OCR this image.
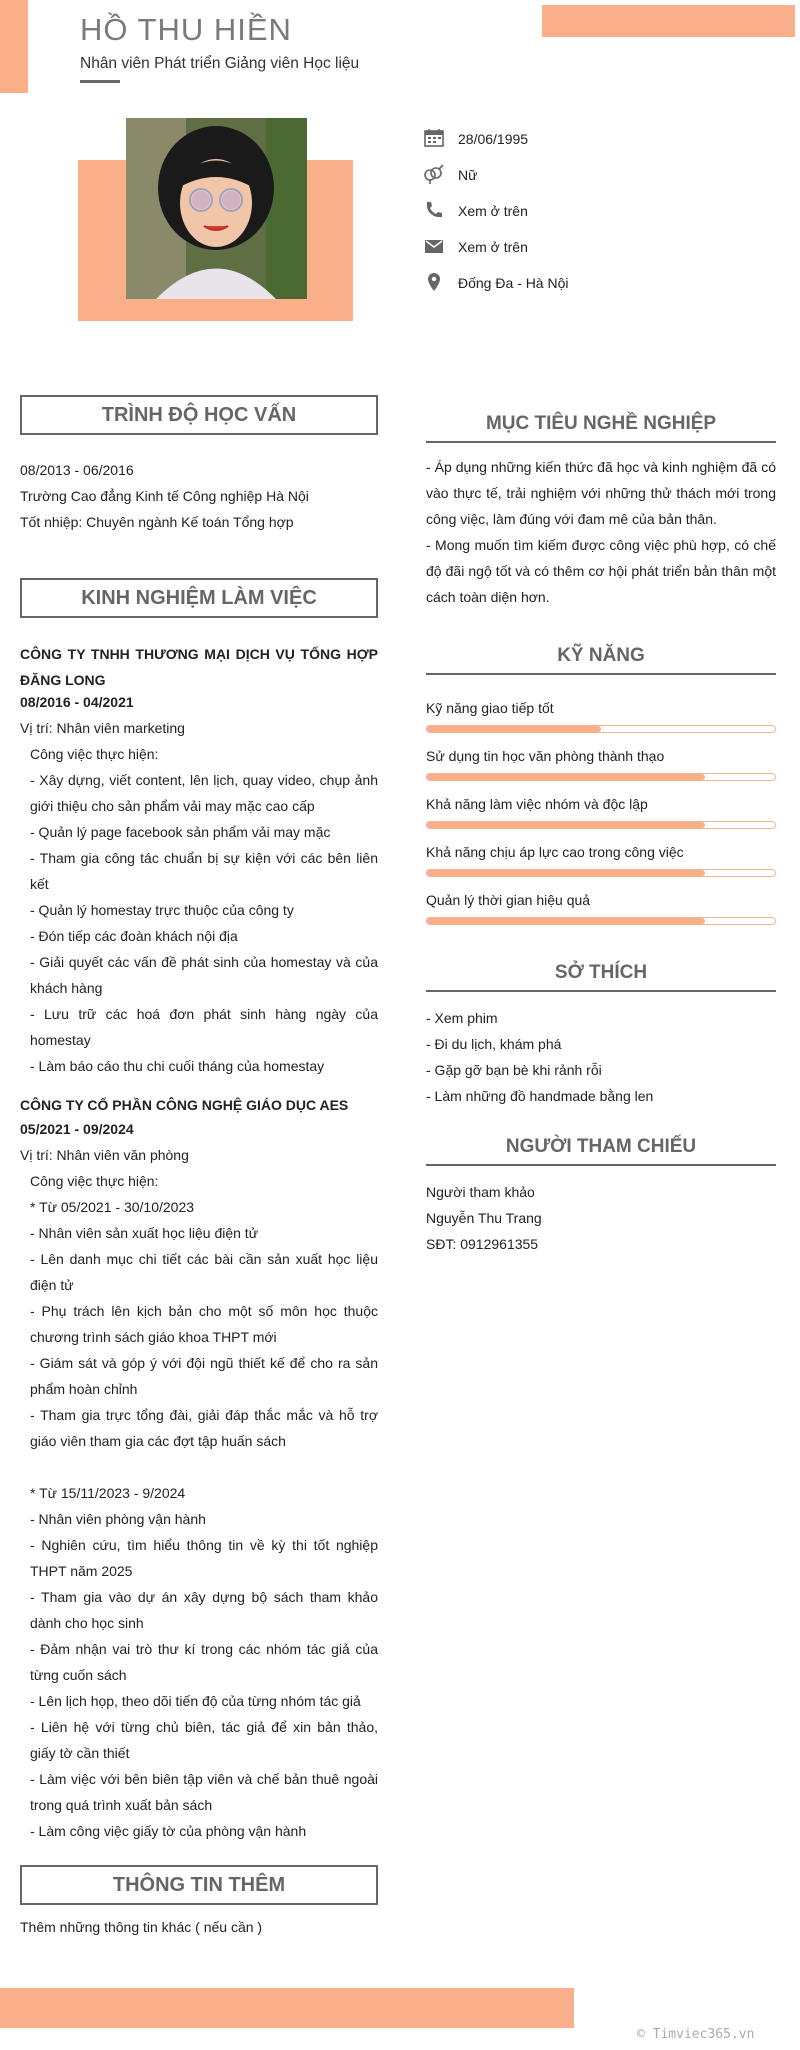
HỒ THU HIỀN
Nhân viên Phát triển Giảng viên Học liệu
28/06/1995
Nữ
Xem ở trên
Xem ở trên
Đống Đa - Hà Nội
TRÌNH ĐỘ HỌC VẤN
08/2013 - 06/2016
Trường Cao đẳng Kinh tế Công nghiệp Hà Nội
Tốt nhiệp: Chuyên ngành Kế toán Tổng hợp
KINH NGHIỆM LÀM VIỆC
CÔNG TY TNHH THƯƠNG MẠI DỊCH VỤ TỔNG HỢP ĐĂNG LONG
08/2016 - 04/2021
Vị trí: Nhân viên marketing
Công việc thực hiện:
- Xây dựng, viết content, lên lịch, quay video, chụp ảnh giới thiệu cho sản phẩm vải may mặc cao cấp
- Quản lý page facebook sản phẩm vải may mặc
- Tham gia công tác chuẩn bị sự kiện với các bên liên kết
- Quản lý homestay trực thuộc của công ty
- Đón tiếp các đoàn khách nội địa
- Giải quyết các vấn đề phát sinh của homestay và của khách hàng
- Lưu trữ các hoá đơn phát sinh hàng ngày của homestay
- Làm báo cáo thu chi cuối tháng của homestay
CÔNG TY CỔ PHẦN CÔNG NGHỆ GIÁO DỤC AES
05/2021 - 09/2024
Vị trí: Nhân viên văn phòng
Công việc thực hiện:
* Từ 05/2021 - 30/10/2023
- Nhân viên sản xuất học liệu điện tử
- Lên danh mục chi tiết các bài cần sản xuất học liệu điện tử
- Phụ trách lên kịch bản cho một số môn học thuộc chương trình sách giáo khoa THPT mới
- Giám sát và góp ý với đội ngũ thiết kế để cho ra sản phẩm hoàn chỉnh
- Tham gia trực tổng đài, giải đáp thắc mắc và hỗ trợ giáo viên tham gia các đợt tập huấn sách
* Từ 15/11/2023 - 9/2024
- Nhân viên phòng vận hành
- Nghiên cứu, tìm hiểu thông tin về kỳ thi tốt nghiệp THPT năm 2025
- Tham gia vào dự án xây dựng bộ sách tham khảo dành cho học sinh
- Đảm nhận vai trò thư kí trong các nhóm tác giả của từng cuốn sách
- Lên lịch họp, theo dõi tiến độ của từng nhóm tác giả
- Liên hệ với từng chủ biên, tác giả để xin bản thảo, giấy tờ cần thiết
- Làm việc với bên biên tập viên và chế bản thuê ngoài trong quá trình xuất bản sách
- Làm công việc giấy tờ của phòng vận hành
THÔNG TIN THÊM
Thêm những thông tin khác ( nếu cần )
MỤC TIÊU NGHỀ NGHIỆP
- Áp dụng những kiến thức đã học và kinh nghiệm đã có vào thực tế, trải nghiệm với những thử thách mới trong công việc, làm đúng với đam mê của bản thân.
- Mong muốn tìm kiếm được công việc phù hợp, có chế độ đãi ngộ tốt và có thêm cơ hội phát triển bản thân một cách toàn diện hơn.
KỸ NĂNG
Kỹ năng giao tiếp tốt
Sử dụng tin học văn phòng thành thạo
Khả năng làm việc nhóm và độc lập
Khả năng chịu áp lực cao trong công việc
Quản lý thời gian hiệu quả
SỞ THÍCH
- Xem phim
- Đi du lịch, khám phá
- Gặp gỡ bạn bè khi rảnh rỗi
- Làm những đồ handmade bằng len
NGƯỜI THAM CHIẾU
Người tham khảo
Nguyễn Thu Trang
SĐT: 0912961355
© Timviec365.vn
